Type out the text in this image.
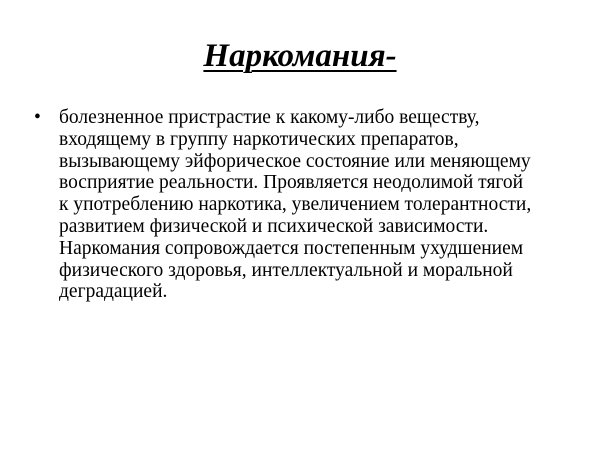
Наркомания-
• болезненное пристрастие к какому-либо веществу, входящему в группу наркотических препаратов, вызывающему эйфорическое состояние или меняющему восприятие реальности. Проявляется неодолимой тягой к употреблению наркотика, увеличением толерантности, развитием физической и психической зависимости. Наркомания сопровождается постепенным ухудшением физического здоровья, интеллектуальной и моральной деградацией.
